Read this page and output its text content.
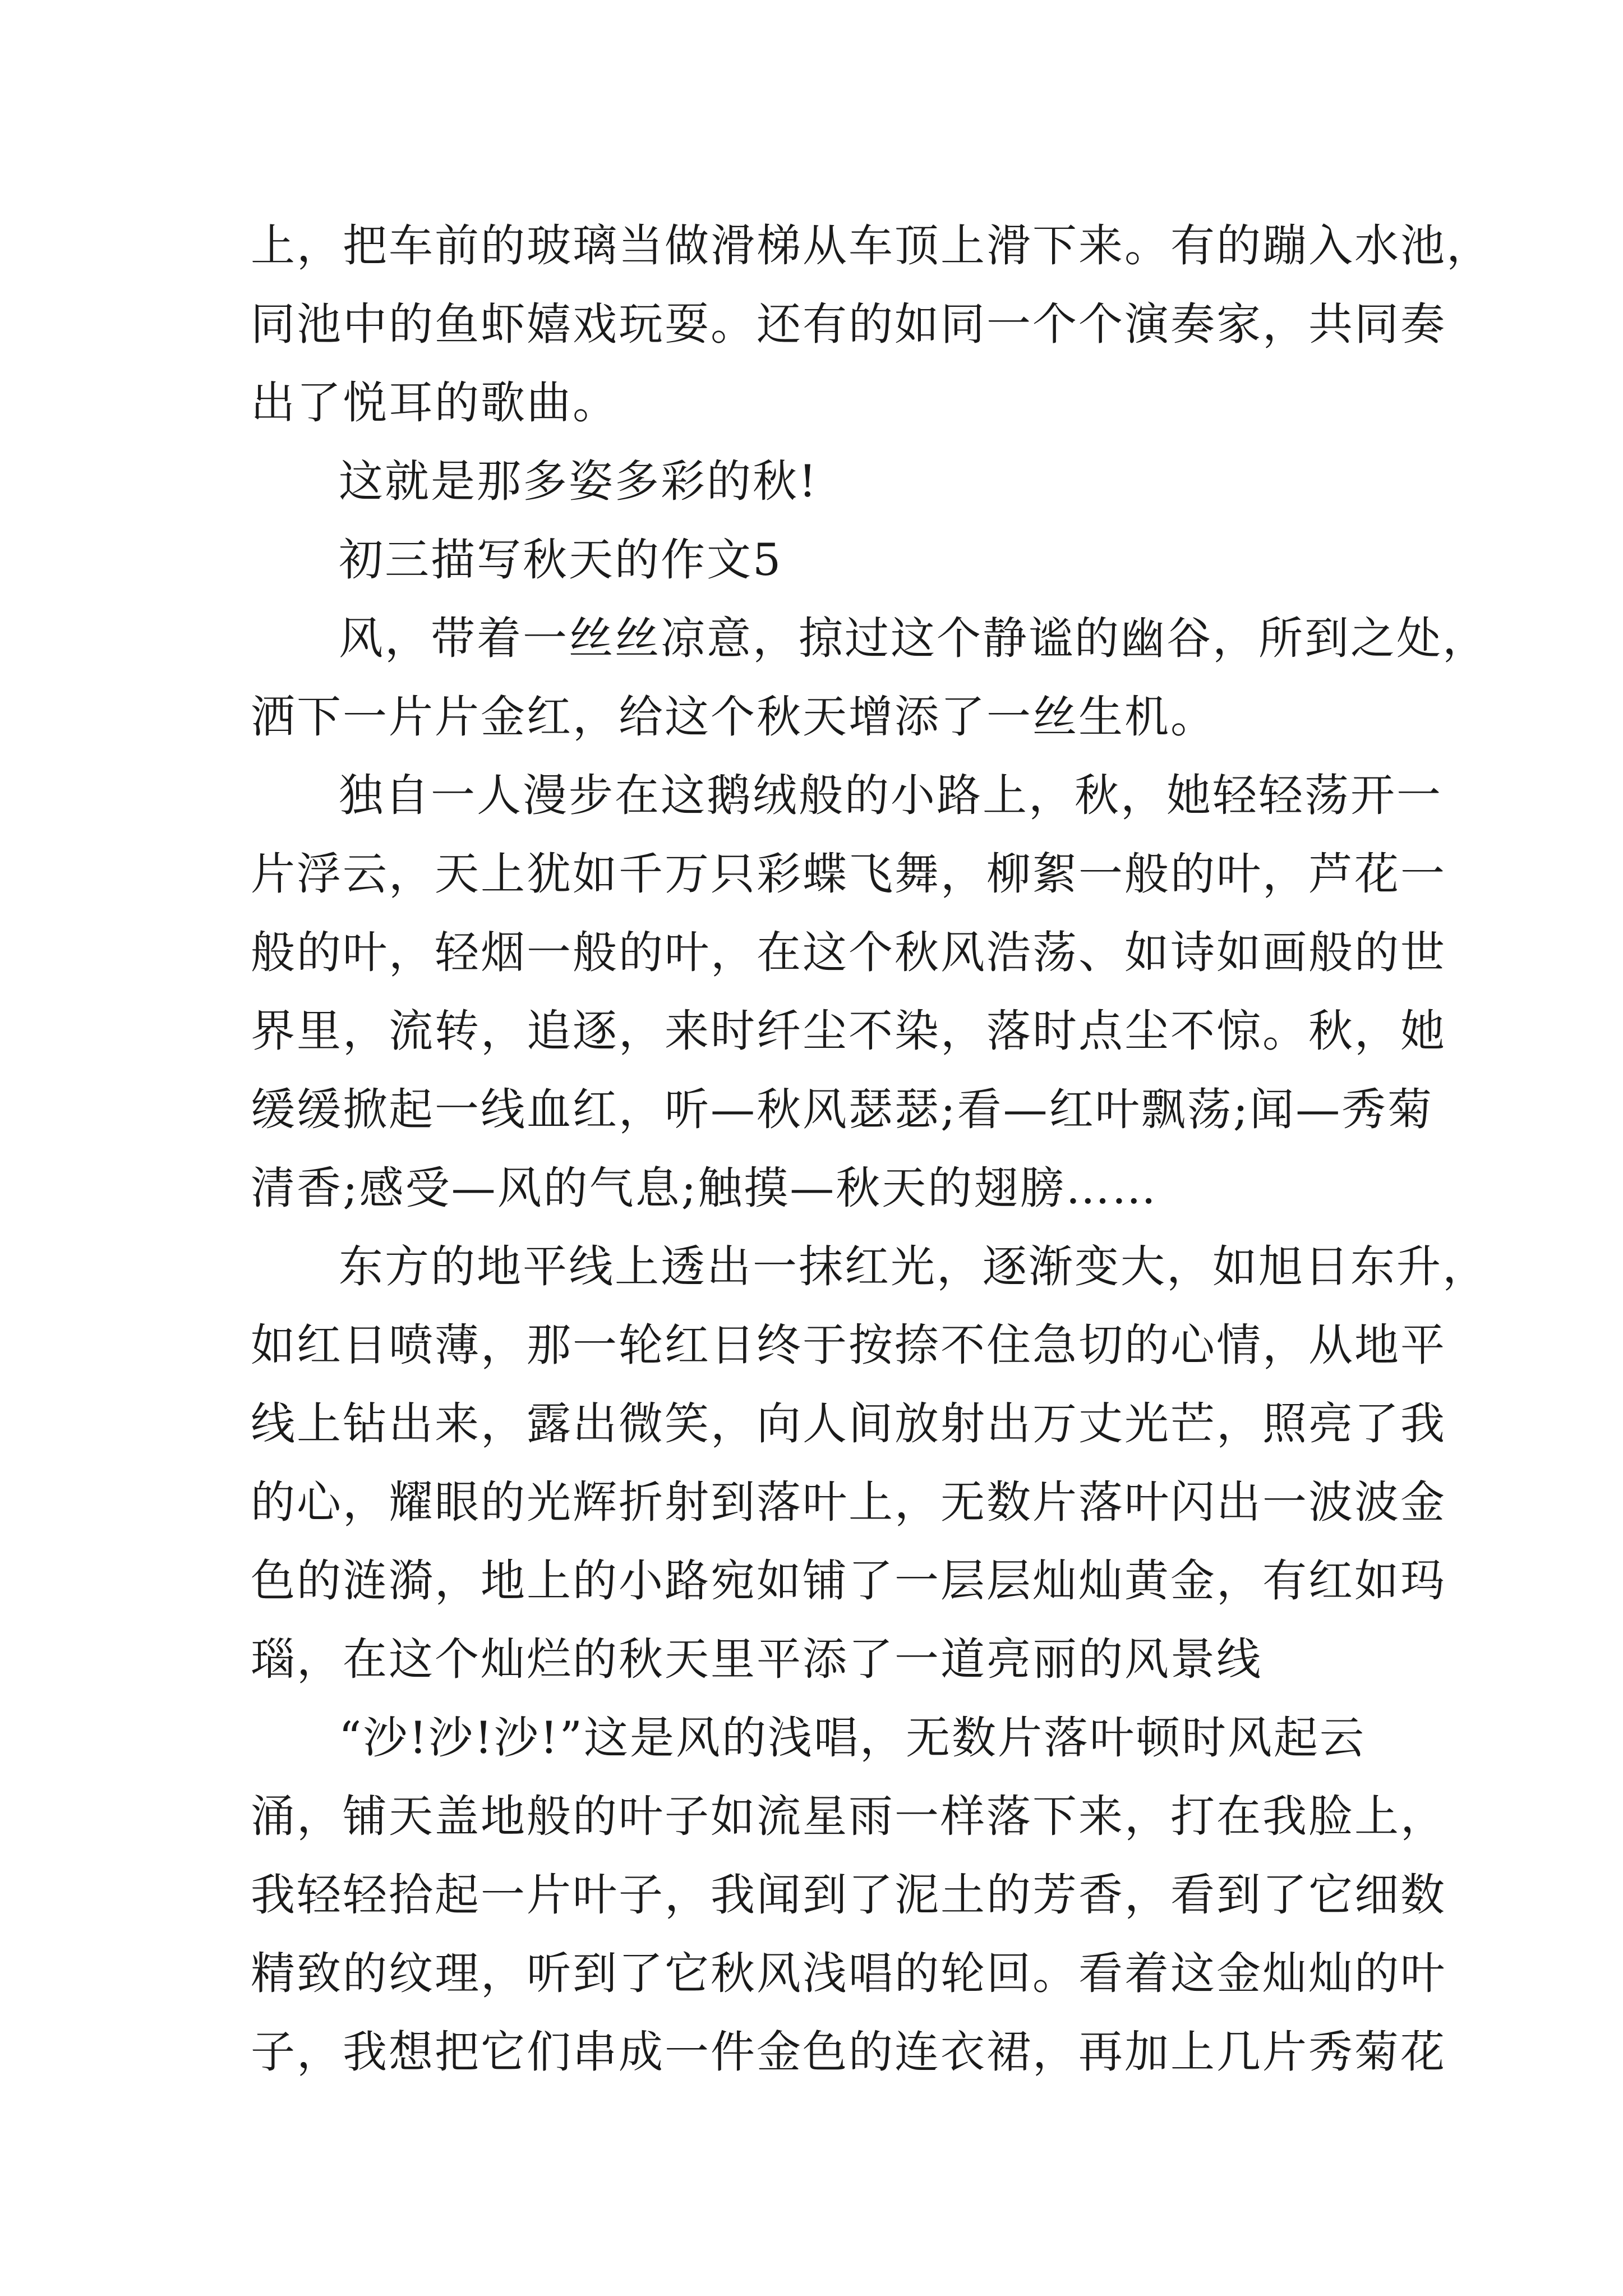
上，把车前的玻璃当做滑梯从车顶上滑下来。有的蹦入水池，
同池中的鱼虾嬉戏玩耍。还有的如同一个个演奏家，共同奏
出了悦耳的歌曲。
这就是那多姿多彩的秋!
初三描写秋天的作文5
风，带着一丝丝凉意，掠过这个静谧的幽谷，所到之处，
洒下一片片金红，给这个秋天增添了一丝生机。
独自一人漫步在这鹅绒般的小路上，秋，她轻轻荡开一
片浮云，天上犹如千万只彩蝶飞舞，柳絮一般的叶，芦花一
般的叶，轻烟一般的叶，在这个秋风浩荡、如诗如画般的世
界里，流转，追逐，来时纤尘不染，落时点尘不惊。秋，她
缓缓掀起一线血红，听—秋风瑟瑟;看—红叶飘荡;闻—秀菊
清香;感受—风的气息;触摸—秋天的翅膀……
东方的地平线上透出一抹红光，逐渐变大，如旭日东升，
如红日喷薄，那一轮红日终于按捺不住急切的心情，从地平
线上钻出来，露出微笑，向人间放射出万丈光芒，照亮了我
的心，耀眼的光辉折射到落叶上，无数片落叶闪出一波波金
色的涟漪，地上的小路宛如铺了一层层灿灿黄金，有红如玛
瑙，在这个灿烂的秋天里平添了一道亮丽的风景线
“沙!沙!沙!”这是风的浅唱，无数片落叶顿时风起云
涌，铺天盖地般的叶子如流星雨一样落下来，打在我脸上，
我轻轻拾起一片叶子，我闻到了泥土的芳香，看到了它细数
精致的纹理，听到了它秋风浅唱的轮回。看着这金灿灿的叶
子，我想把它们串成一件金色的连衣裙，再加上几片秀菊花
